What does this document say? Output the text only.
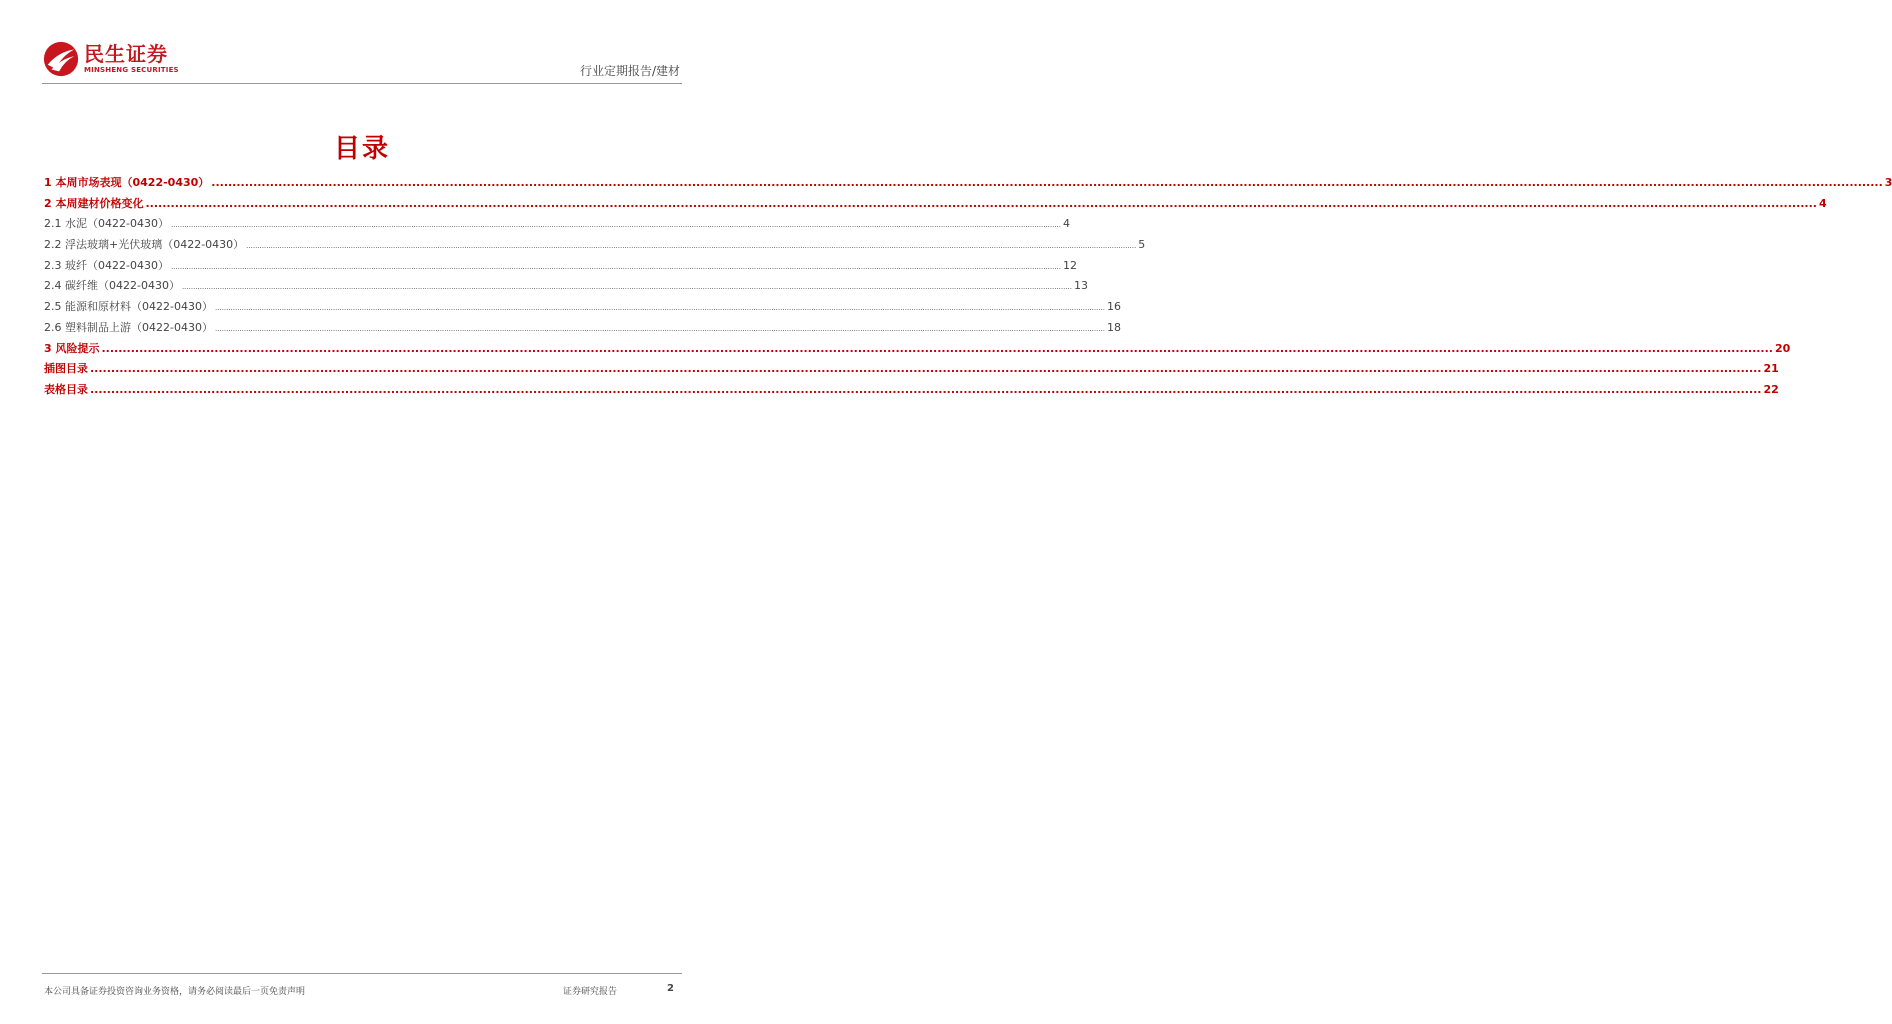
民生证券
MINSHENG SECURITIES	行业定期报告/建材
目录
1 本周市场表现（0422-0430） ................................................................................................................................................................................................................................................................................................................................................................................................................ 3
2 本周建材价格变化 ................................................................................................................................................................................................................................................................................................................................................................................................................ 4
2.1 水泥（0422-0430） ................................................................................................................................................................................................................................................................................................................................................................................................................ 4
2.2 浮法玻璃+光伏玻璃（0422-0430） ................................................................................................................................................................................................................................................................................................................................................................................................................ 5
2.3 玻纤（0422-0430） ................................................................................................................................................................................................................................................................................................................................................................................................................ 12
2.4 碳纤维（0422-0430） ................................................................................................................................................................................................................................................................................................................................................................................................................ 13
2.5 能源和原材料（0422-0430） ................................................................................................................................................................................................................................................................................................................................................................................................................ 16
2.6 塑料制品上游（0422-0430） ................................................................................................................................................................................................................................................................................................................................................................................................................ 18
3 风险提示 ................................................................................................................................................................................................................................................................................................................................................................................................................ 20
插图目录 ................................................................................................................................................................................................................................................................................................................................................................................................................ 21
表格目录 ................................................................................................................................................................................................................................................................................................................................................................................................................ 22
本公司具备证券投资咨询业务资格，请务必阅读最后一页免责声明	证券研究报告	2
